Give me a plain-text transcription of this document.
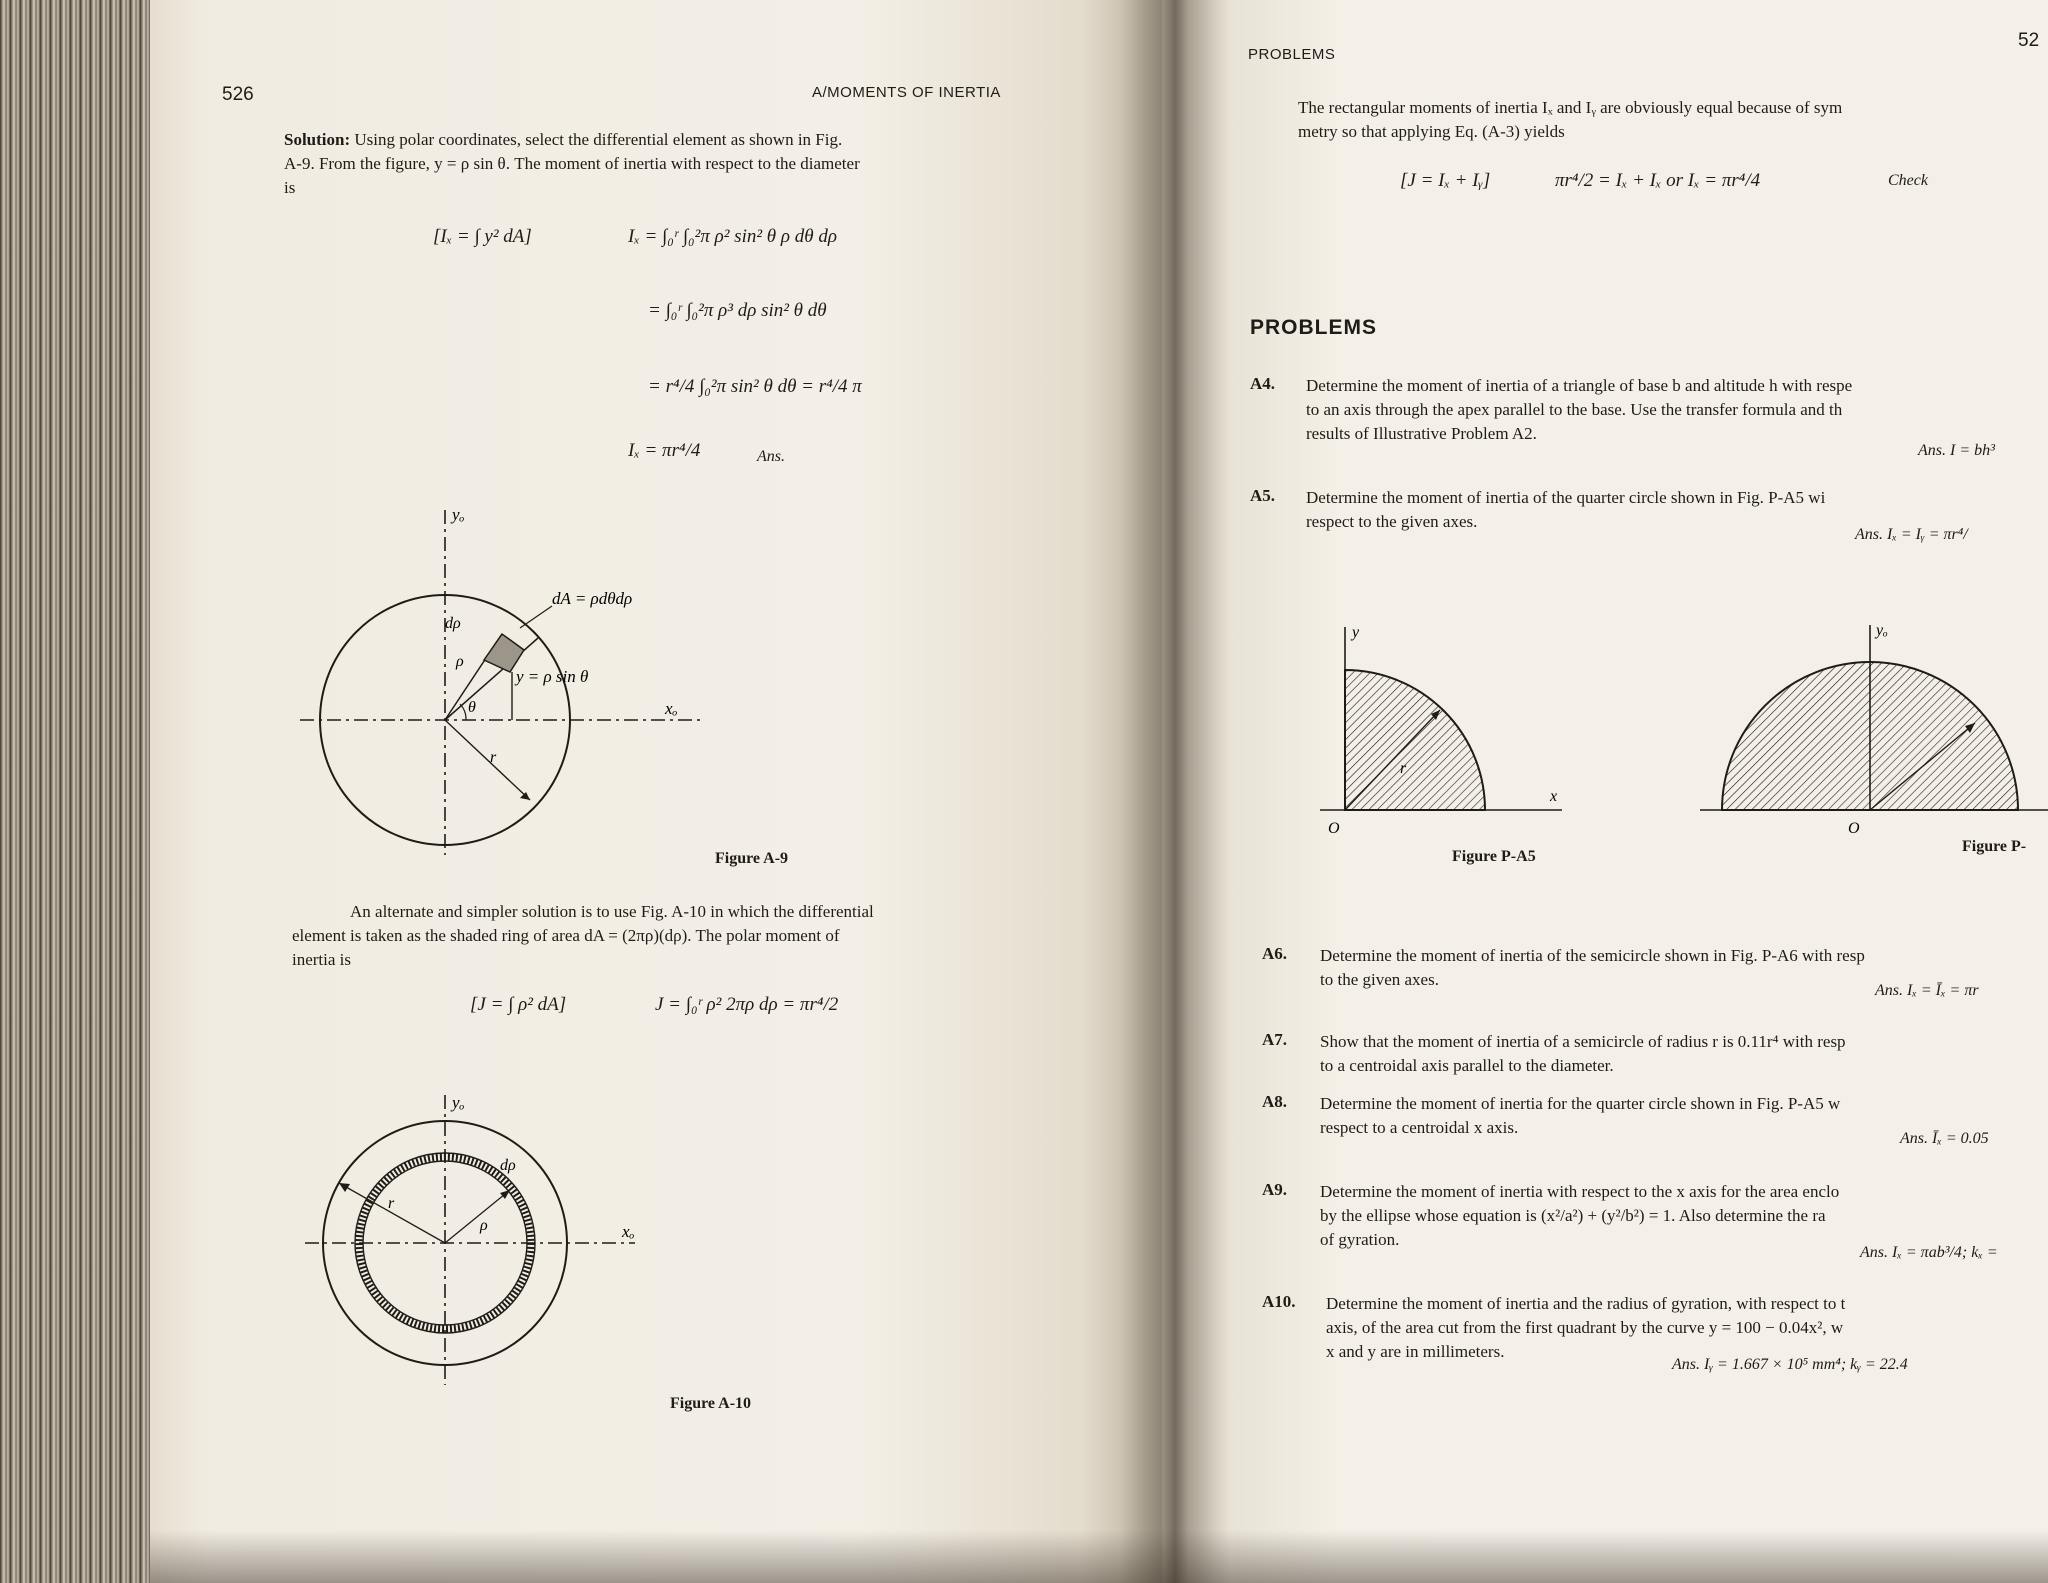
526	A/MOMENTS OF INERTIA
Solution: Using polar coordinates, select the differential element as shown in Fig.
A-9. From the figure, y = ρ sin θ. The moment of inertia with respect to the diameter
is
[Iₓ = ∫ y² dA]	Iₓ = ∫₀ʳ ∫₀²π ρ² sin² θ ρ dθ dρ
= ∫₀ʳ ∫₀²π ρ³ dρ sin² θ dθ
= r⁴/4 ∫₀²π sin² θ dθ = r⁴/4 π
Iₓ = πr⁴/4	Ans.
yₒ
xₒ
dA = ρdθdρ
dρ
ρ
θ
y = ρ sin θ
r
Figure A-9
An alternate and simpler solution is to use Fig. A-10 in which the differential
element is taken as the shaded ring of area dA = (2πρ)(dρ). The polar moment of
inertia is
[J = ∫ ρ² dA]	J = ∫₀ʳ ρ² 2πρ dρ = πr⁴/2
yₒ
xₒ
dρ
r
ρ
Figure A-10
PROBLEMS
52
The rectangular moments of inertia Iₓ and Iᵧ are obviously equal because of sym
metry so that applying Eq. (A-3) yields
[J = Iₓ + Iᵧ]	πr⁴/2 = Iₓ + Iₓ or Iₓ = πr⁴/4	Check
PROBLEMS
A4. Determine the moment of inertia of a triangle of base b and altitude h with respe
to an axis through the apex parallel to the base. Use the transfer formula and th
results of Illustrative Problem A2.
Ans. I = bh³
A5. Determine the moment of inertia of the quarter circle shown in Fig. P-A5 wi
respect to the given axes.
Ans. Iₓ = Iᵧ = πr⁴/
y
x
O
r
Figure P-A5
yₒ
O
Figure P-
A6. Determine the moment of inertia of the semicircle shown in Fig. P-A6 with resp
to the given axes.
Ans. Iₓ = Īₓ = πr
A7. Show that the moment of inertia of a semicircle of radius r is 0.11r⁴ with resp
to a centroidal axis parallel to the diameter.
A8. Determine the moment of inertia for the quarter circle shown in Fig. P-A5 w
respect to a centroidal x axis.
Ans. Īₓ = 0.05
A9. Determine the moment of inertia with respect to the x axis for the area enclo
by the ellipse whose equation is (x²/a²) + (y²/b²) = 1. Also determine the ra
of gyration.
Ans. Iₓ = πab³/4; kₓ =
A10. Determine the moment of inertia and the radius of gyration, with respect to t
axis, of the area cut from the first quadrant by the curve y = 100 − 0.04x², w
x and y are in millimeters.
Ans. Iᵧ = 1.667 × 10⁵ mm⁴; kᵧ = 22.4
